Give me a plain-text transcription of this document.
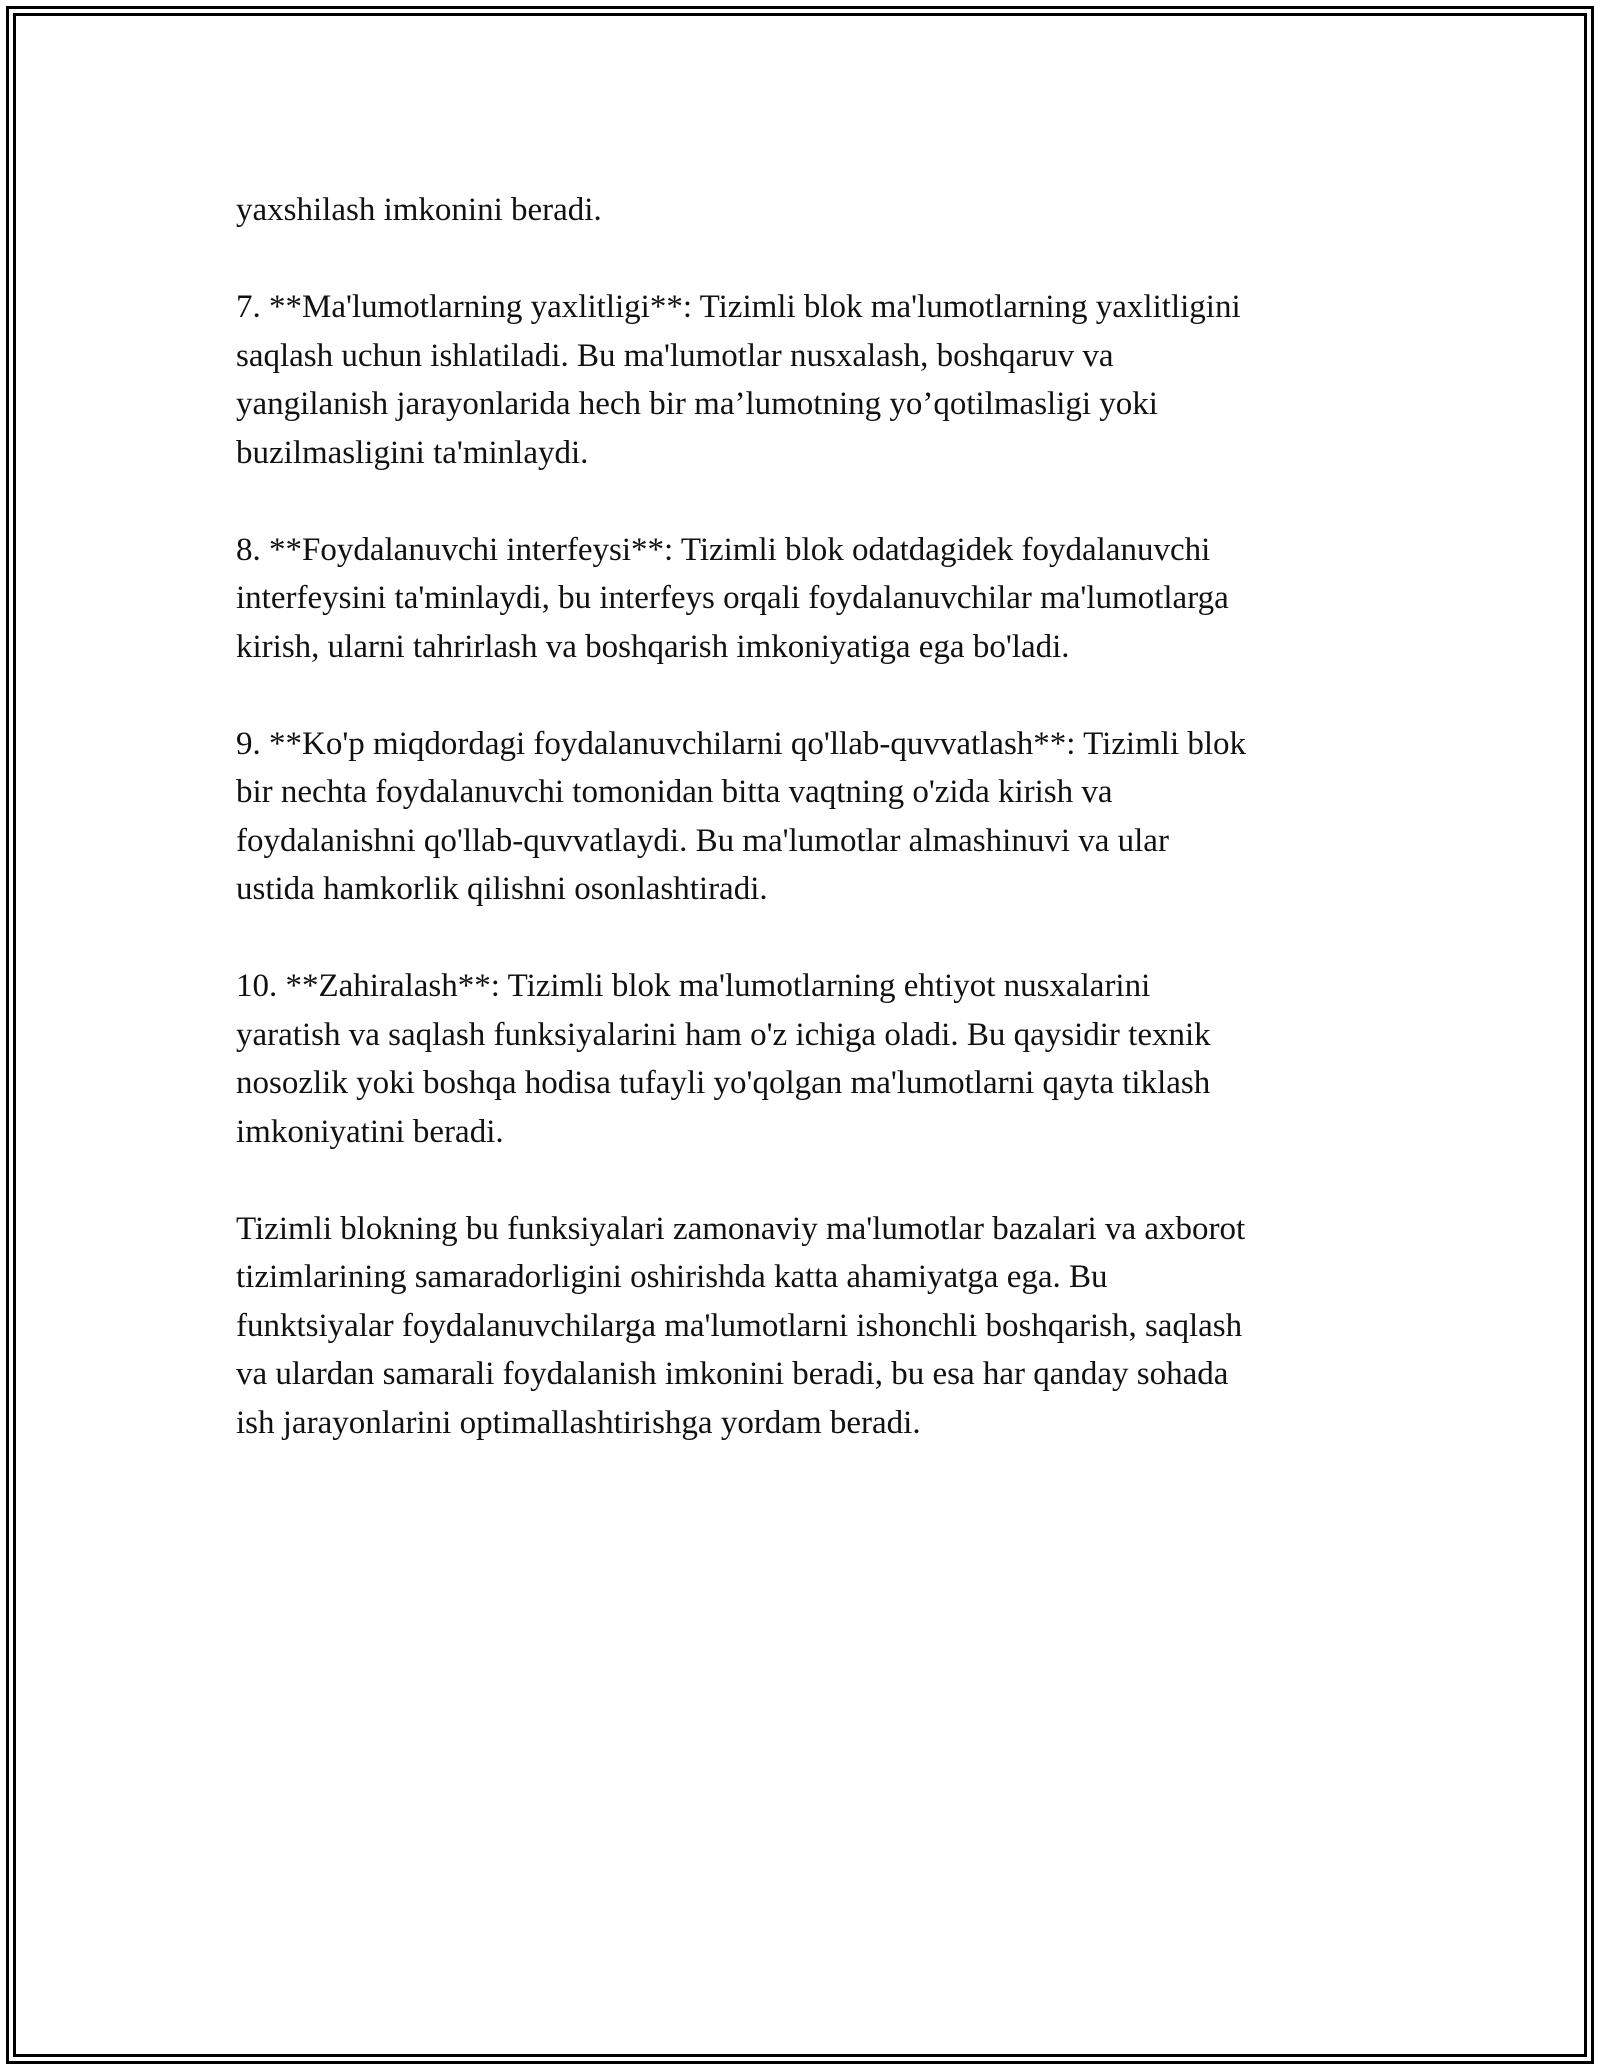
yaxshilash imkonini beradi.
7. **Ma'lumotlarning yaxlitligi**: Tizimli blok ma'lumotlarning yaxlitligini
saqlash uchun ishlatiladi. Bu ma'lumotlar nusxalash, boshqaruv va
yangilanish jarayonlarida hech bir ma’lumotning yo’qotilmasligi yoki
buzilmasligini ta'minlaydi.
8. **Foydalanuvchi interfeysi**: Tizimli blok odatdagidek foydalanuvchi
interfeysini ta'minlaydi, bu interfeys orqali foydalanuvchilar ma'lumotlarga
kirish, ularni tahrirlash va boshqarish imkoniyatiga ega bo'ladi.
9. **Ko'p miqdordagi foydalanuvchilarni qo'llab-quvvatlash**: Tizimli blok
bir nechta foydalanuvchi tomonidan bitta vaqtning o'zida kirish va
foydalanishni qo'llab-quvvatlaydi. Bu ma'lumotlar almashinuvi va ular
ustida hamkorlik qilishni osonlashtiradi.
10. **Zahiralash**: Tizimli blok ma'lumotlarning ehtiyot nusxalarini
yaratish va saqlash funksiyalarini ham o'z ichiga oladi. Bu qaysidir texnik
nosozlik yoki boshqa hodisa tufayli yo'qolgan ma'lumotlarni qayta tiklash
imkoniyatini beradi.
Tizimli blokning bu funksiyalari zamonaviy ma'lumotlar bazalari va axborot
tizimlarining samaradorligini oshirishda katta ahamiyatga ega. Bu
funktsiyalar foydalanuvchilarga ma'lumotlarni ishonchli boshqarish, saqlash
va ulardan samarali foydalanish imkonini beradi, bu esa har qanday sohada
ish jarayonlarini optimallashtirishga yordam beradi.
